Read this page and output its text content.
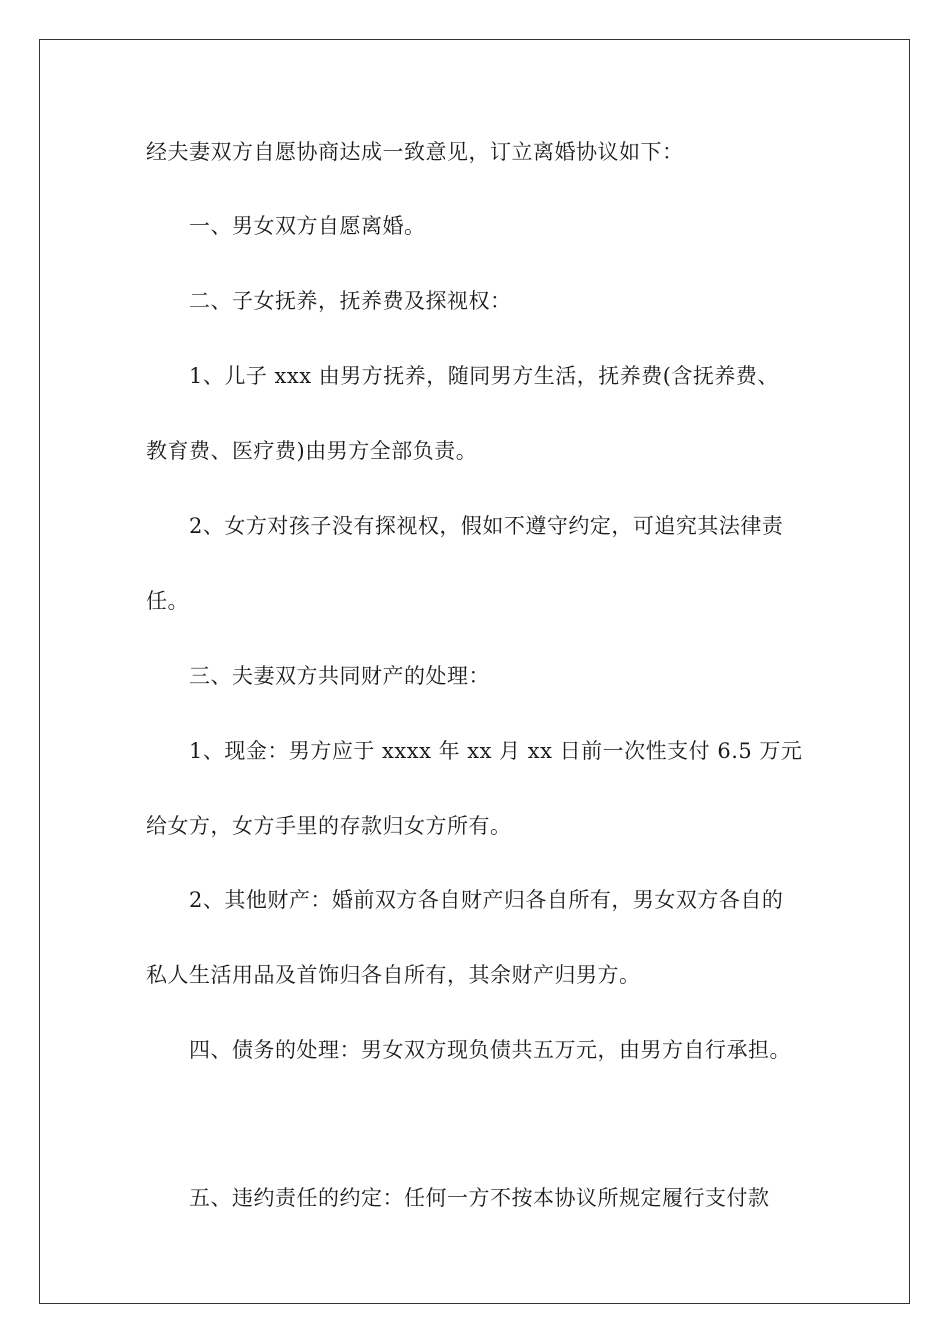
经夫妻双方自愿协商达成一致意见，订立离婚协议如下：
一、男女双方自愿离婚。
二、子女抚养，抚养费及探视权：
1、儿子 xxx 由男方抚养，随同男方生活，抚养费(含抚养费、
教育费、医疗费)由男方全部负责。
2、女方对孩子没有探视权，假如不遵守约定，可追究其法律责
任。
三、夫妻双方共同财产的处理：
1、现金：男方应于 xxxx 年 xx 月 xx 日前一次性支付 6.5 万元
给女方，女方手里的存款归女方所有。
2、其他财产：婚前双方各自财产归各自所有，男女双方各自的
私人生活用品及首饰归各自所有，其余财产归男方。
四、债务的处理：男女双方现负债共五万元，由男方自行承担。
五、违约责任的约定：任何一方不按本协议所规定履行支付款
